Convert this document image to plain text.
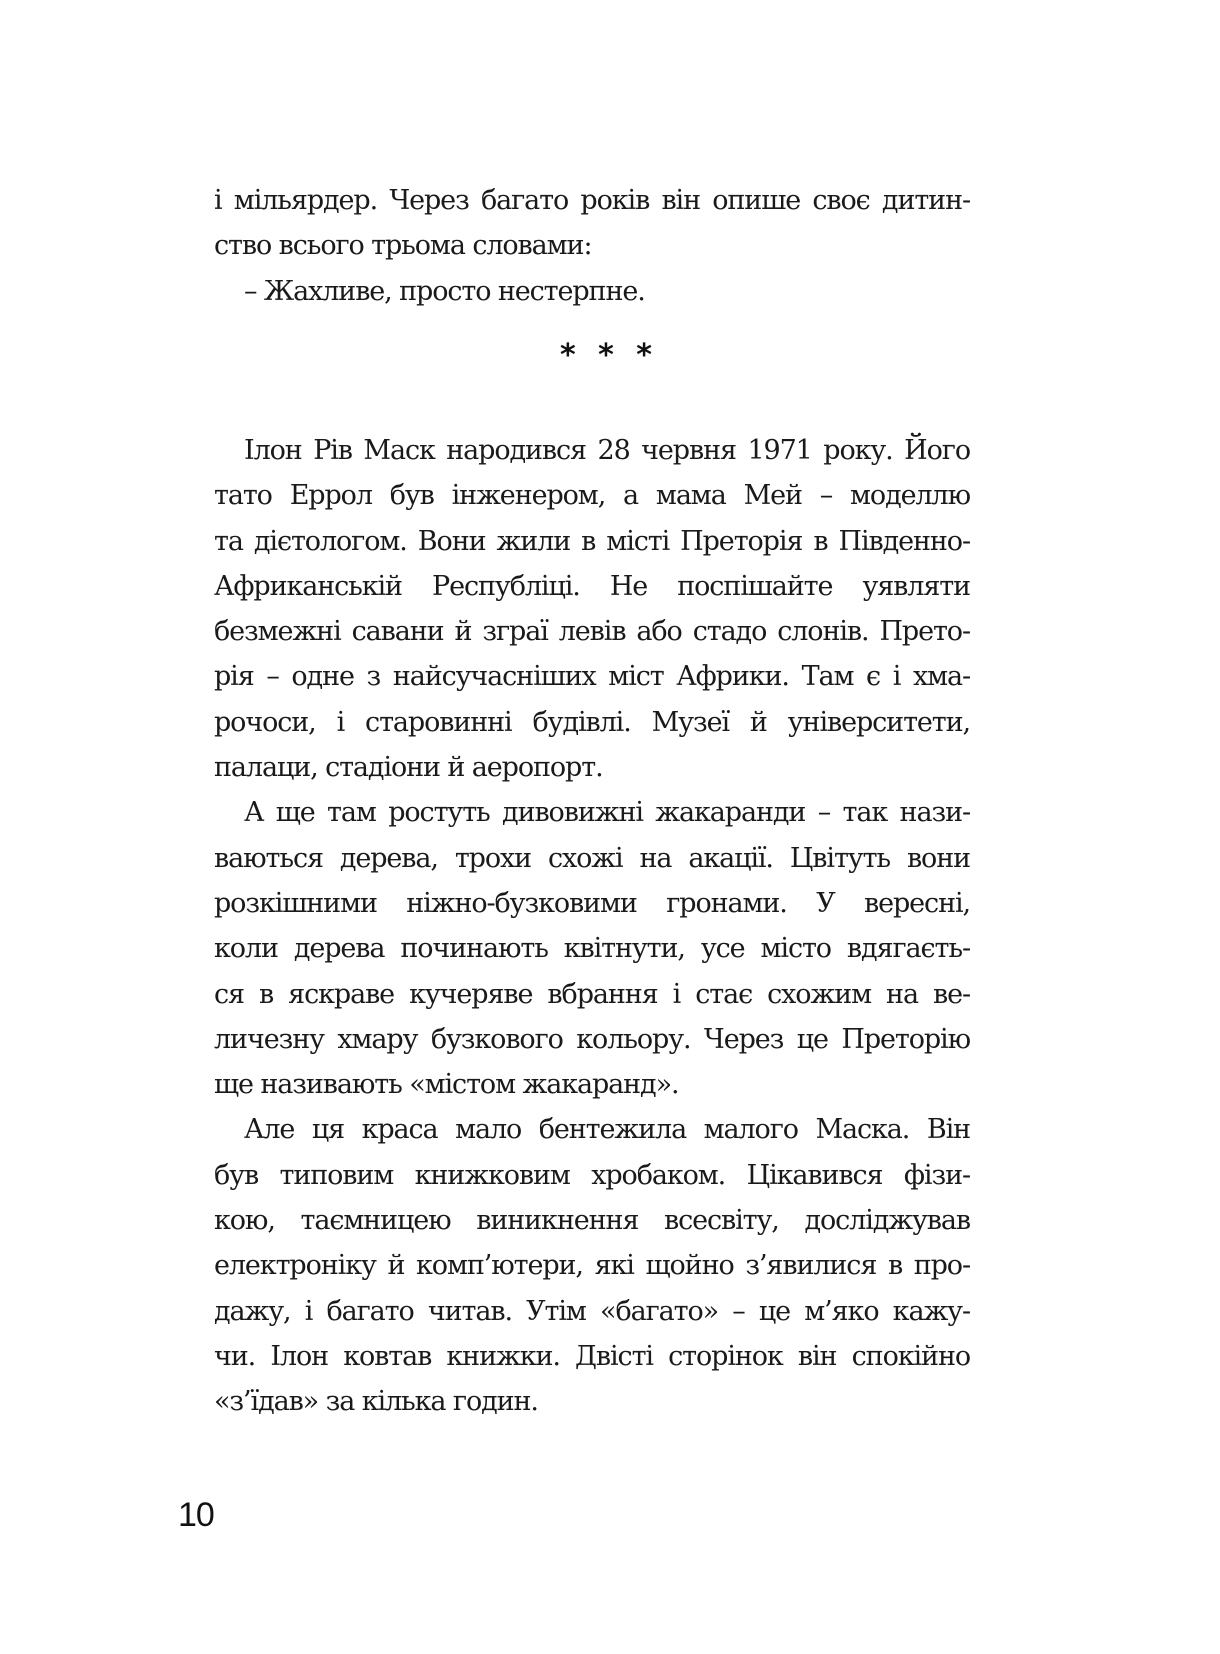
і мільярдер. Через багато років він опише своє дитин-
ство всього трьома словами:
– Жахливе, просто нестерпне.
* * *
Ілон Рів Маск народився 28 червня 1971 року. Його
тато Еррол був інженером, а мама Мей – моделлю
та дієтологом. Вони жили в місті Преторія в Південно-
Африканській Республіці. Не поспішайте уявляти
безмежні савани й зграї левів або стадо слонів. Прето-
рія – одне з найсучасніших міст Африки. Там є і хма-
рочоси, і старовинні будівлі. Музеї й університети,
палаци, стадіони й аеропорт.
А ще там ростуть дивовижні жакаранди – так нази-
ваються дерева, трохи схожі на акації. Цвітуть вони
розкішними ніжно-бузковими гронами. У вересні,
коли дерева починають квітнути, усе місто вдягаєть-
ся в яскраве кучеряве вбрання і стає схожим на ве-
личезну хмару бузкового кольору. Через це Преторію
ще називають «містом жакаранд».
Але ця краса мало бентежила малого Маска. Він
був типовим книжковим хробаком. Цікавився фізи-
кою, таємницею виникнення всесвіту, досліджував
електроніку й комп’ютери, які щойно з’явилися в про-
дажу, і багато читав. Утім «багато» – це м’яко кажу-
чи. Ілон ковтав книжки. Двісті сторінок він спокійно
«з’їдав» за кілька годин.
10
